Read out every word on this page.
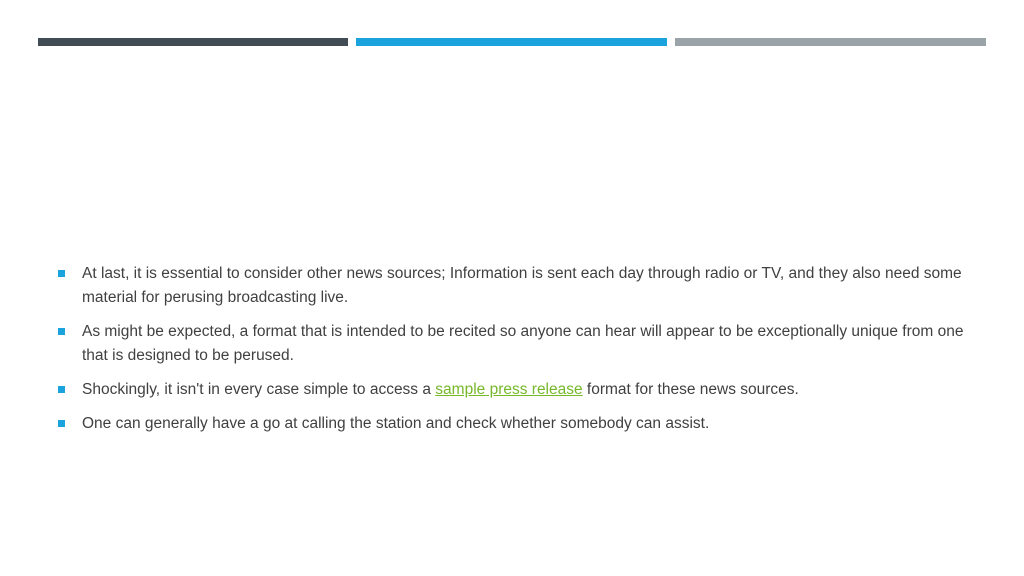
At last, it is essential to consider other news sources; Information is sent each day through radio or TV, and they also need some material for perusing broadcasting live.
As might be expected, a format that is intended to be recited so anyone can hear will appear to be exceptionally unique from one that is designed to be perused.
Shockingly, it isn't in every case simple to access a sample press release format for these news sources.
One can generally have a go at calling the station and check whether somebody can assist.
